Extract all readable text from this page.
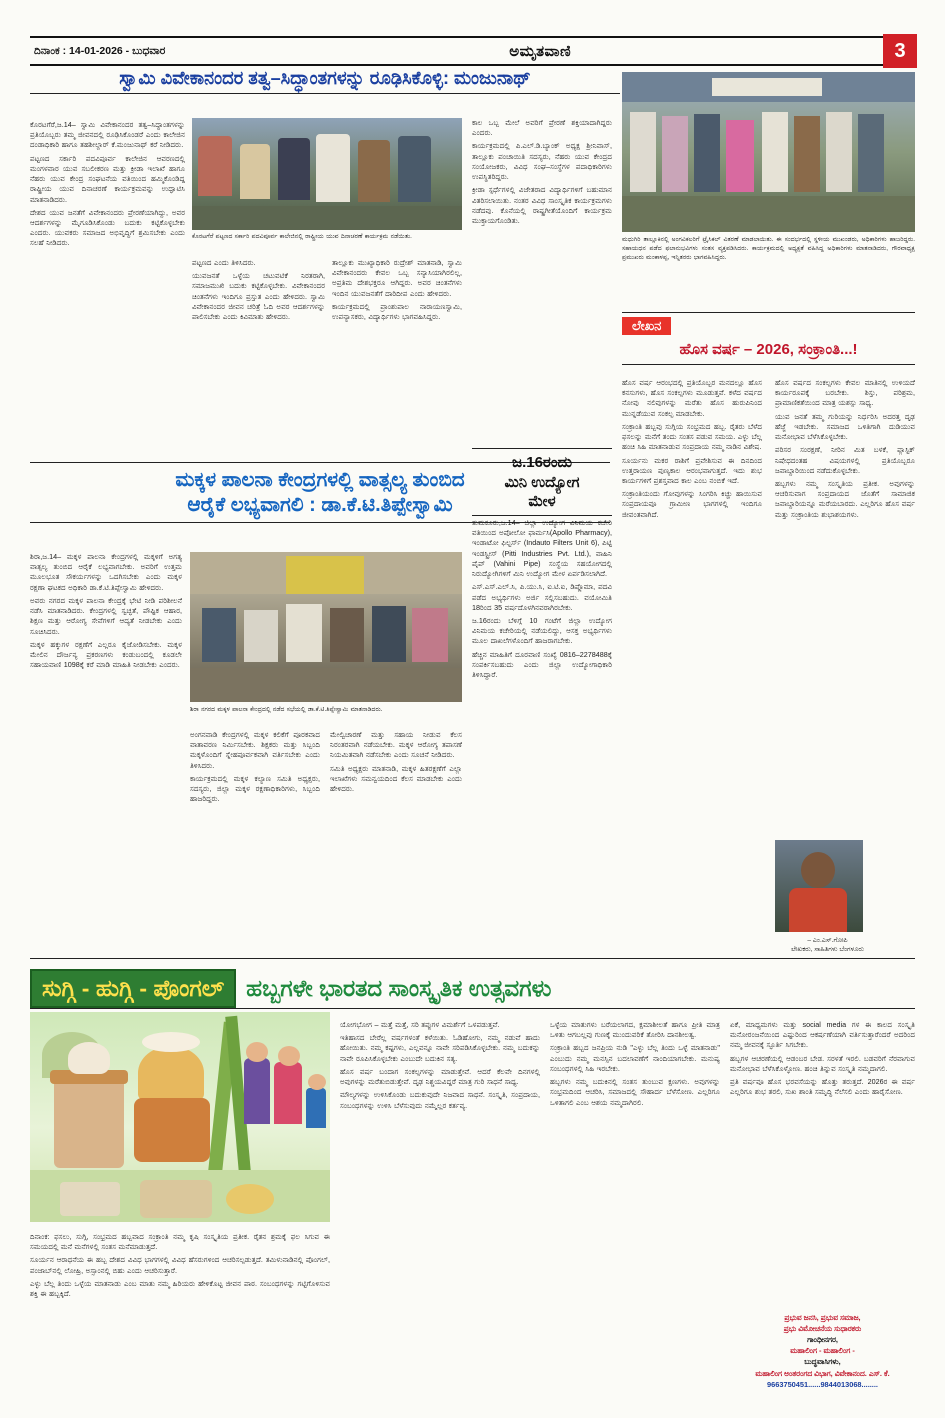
ದಿನಾಂಕ : 14-01-2026 - ಬುಧವಾರ	ಅಮೃತವಾಣಿ	3
ಸ್ವಾಮಿ ವಿವೇಕಾನಂದರ ತತ್ವ–ಸಿದ್ಧಾಂತಗಳನ್ನು ರೂಢಿಸಿಕೊಳ್ಳಿ: ಮಂಜುನಾಥ್

ಕೊರಟಗೆರೆ,ಜ.14– ಸ್ವಾಮಿ ವಿವೇಕಾನಂದರ ತತ್ವ–ಸಿದ್ಧಾಂತಗಳನ್ನು ಪ್ರತಿಯೊಬ್ಬರು ತಮ್ಮ ಜೀವನದಲ್ಲಿ ರೂಢಿಸಿಕೊಂಡರೆ ಎಂದು ಕಾಲೇಜಿನ ದಂಡಾಧಿಕಾರಿ ಹಾಗೂ ತಹಶೀಲ್ದಾರ್ ಕೆ.ಮಂಜುನಾಥ್ ಕರೆ ನೀಡಿದರು.

ಪಟ್ಟಣದ ಸರ್ಕಾರಿ ಪದವಿಪೂರ್ವ ಕಾಲೇಜಿನ ಆವರಣದಲ್ಲಿ ಮಂಗಳವಾರ ಯುವ ಸಬಲೀಕರಣ ಮತ್ತು ಕ್ರೀಡಾ ಇಲಾಖೆ ಹಾಗೂ ನೆಹರು ಯುವ ಕೇಂದ್ರ ಸಂಘಟನೆಯ ವತಿಯಿಂದ ಹಮ್ಮಿಕೊಂಡಿದ್ದ ರಾಷ್ಟ್ರೀಯ ಯುವ ದಿನಾಚರಣೆ ಕಾರ್ಯಕ್ರಮವನ್ನು ಉದ್ಘಾಟಿಸಿ ಮಾತನಾಡಿದರು.

ದೇಶದ ಯುವ ಜನತೆಗೆ ವಿವೇಕಾನಂದರು ಪ್ರೇರಣೆಯಾಗಿದ್ದು, ಅವರ ಆದರ್ಶಗಳನ್ನು ಮೈಗೂಡಿಸಿಕೊಂಡು ಬದುಕು ಕಟ್ಟಿಕೊಳ್ಳಬೇಕು ಎಂದರು. ಯುವಕರು ಸಮಾಜದ ಅಭಿವೃದ್ಧಿಗೆ ಶ್ರಮಿಸಬೇಕು ಎಂದು ಸಲಹೆ ನೀಡಿದರು.

ಕೊರಟಗೆರೆ ಪಟ್ಟಣದ ಸರ್ಕಾರಿ ಪದವಿಪೂರ್ವ ಕಾಲೇಜಿನಲ್ಲಿ ರಾಷ್ಟ್ರೀಯ ಯುವ ದಿನಾಚರಣೆ ಕಾರ್ಯಕ್ರಮ ನಡೆಯಿತು.

ಪಟ್ಟಣದ ಎಂದು ತಿಳಿಸಿದರು.

ಯುವಜನತೆ ಒಳ್ಳೆಯ ಚಟುವಟಿಕೆ ನಿರತರಾಗಿ, ಸಮಾಜಮುಖಿ ಬದುಕು ಕಟ್ಟಿಕೊಳ್ಳಬೇಕು. ವಿವೇಕಾನಂದರ ಚಿಂತನೆಗಳು ಇಂದಿಗೂ ಪ್ರಸ್ತುತ ಎಂದು ಹೇಳಿದರು. ಸ್ವಾಮಿ ವಿವೇಕಾನಂದರ ಜೀವನ ಚರಿತ್ರೆ ಓದಿ ಅವರ ಆದರ್ಶಗಳನ್ನು ಪಾಲಿಸಬೇಕು ಎಂದು ಕಿವಿಮಾತು ಹೇಳಿದರು.

ತಾಲ್ಲೂಕು ಮುಖ್ಯಾಧಿಕಾರಿ ರುದ್ರೇಶ್ ಮಾತನಾಡಿ, ಸ್ವಾಮಿ ವಿವೇಕಾನಂದರು ಕೇವಲ ಒಬ್ಬ ಸನ್ಯಾಸಿಯಾಗಿರಲಿಲ್ಲ, ಅಪ್ರತಿಮ ದೇಶಭಕ್ತರೂ ಆಗಿದ್ದರು. ಅವರ ಚಿಂತನೆಗಳು ಇಂದಿನ ಯುವಜನತೆಗೆ ದಾರಿದೀಪ ಎಂದು ಹೇಳಿದರು.

ಕಾರ್ಯಕ್ರಮದಲ್ಲಿ ಪ್ರಾಂಶುಪಾಲ ನಾರಾಯಣಸ್ವಾಮಿ, ಉಪನ್ಯಾಸಕರು, ವಿದ್ಯಾರ್ಥಿಗಳು ಭಾಗವಹಿಸಿದ್ದರು.

ಕಾಲ ಒಬ್ಬ ಮೇಲೆ ಅವರಿಗೆ ಪ್ರೇರಣೆ ಶಕ್ತಿಯಾದಾಗಿದ್ದರು ಎಂದರು.

ಕಾರ್ಯಕ್ರಮದಲ್ಲಿ ಪಿ.ಎಲ್.ಡಿ.ಬ್ಯಾಂಕ್ ಅಧ್ಯಕ್ಷ ಶ್ರೀನಿವಾಸ್, ತಾಲ್ಲೂಕು ಪಂಚಾಯಿತಿ ಸದಸ್ಯರು, ನೆಹರು ಯುವ ಕೇಂದ್ರದ ಸಂಯೋಜಕರು, ವಿವಿಧ ಸಂಘ–ಸಂಸ್ಥೆಗಳ ಪದಾಧಿಕಾರಿಗಳು ಉಪಸ್ಥಿತರಿದ್ದರು.

ಕ್ರೀಡಾ ಸ್ಪರ್ಧೆಗಳಲ್ಲಿ ವಿಜೇತರಾದ ವಿದ್ಯಾರ್ಥಿಗಳಿಗೆ ಬಹುಮಾನ ವಿತರಿಸಲಾಯಿತು. ನಂತರ ವಿವಿಧ ಸಾಂಸ್ಕೃತಿಕ ಕಾರ್ಯಕ್ರಮಗಳು ನಡೆದವು. ಕೊನೆಯಲ್ಲಿ ರಾಷ್ಟ್ರಗೀತೆಯೊಂದಿಗೆ ಕಾರ್ಯಕ್ರಮ ಮುಕ್ತಾಯಗೊಂಡಿತು.

ಮಧುಗಿರಿ ತಾಲ್ಲೂಕಿನಲ್ಲಿ ಅಂಗವಿಕಲರಿಗೆ ಟ್ರೈಸಿಕಲ್ ವಿತರಣೆ ಮಾಡಲಾಯಿತು. ಈ ಸಂದರ್ಭದಲ್ಲಿ ಸ್ಥಳೀಯ ಮುಖಂಡರು, ಅಧಿಕಾರಿಗಳು ಹಾಜರಿದ್ದರು. ಸಹಾಯಧನ ಪಡೆದ ಫಲಾನುಭವಿಗಳು ಸಂತಸ ವ್ಯಕ್ತಪಡಿಸಿದರು. ಕಾರ್ಯಕ್ರಮದಲ್ಲಿ ಅಧ್ಯಕ್ಷತೆ ವಹಿಸಿದ್ದ ಅಧಿಕಾರಿಗಳು ಮಾತನಾಡಿದರು, ಗೌರವಾಧ್ಯಕ್ಷ ಪ್ರಮುಖರು ಮಂಕಾಳಪ್ಪ, ಇನ್ನಿತರರು ಭಾಗವಹಿಸಿದ್ದರು.
ಲೇಖನ
ಹೊಸ ವರ್ಷ – 2026, ಸಂಕ್ರಾಂತಿ...!

ಹೊಸ ವರ್ಷ ಆರಂಭದಲ್ಲಿ ಪ್ರತಿಯೊಬ್ಬರ ಮನದಲ್ಲೂ ಹೊಸ ಕನಸುಗಳು, ಹೊಸ ಸಂಕಲ್ಪಗಳು ಮೂಡುತ್ತವೆ. ಕಳೆದ ವರ್ಷದ ನೋವು ನಲಿವುಗಳನ್ನು ಮರೆತು ಹೊಸ ಹುರುಪಿನಿಂದ ಮುನ್ನಡೆಯುವ ಸಂಕಲ್ಪ ಮಾಡಬೇಕು.

ಸಂಕ್ರಾಂತಿ ಹಬ್ಬವು ಸುಗ್ಗಿಯ ಸಂಭ್ರಮದ ಹಬ್ಬ. ರೈತರು ಬೆಳೆದ ಫಸಲನ್ನು ಮನೆಗೆ ತಂದು ಸಂತಸ ಪಡುವ ಸಮಯ. ಎಳ್ಳು ಬೆಲ್ಲ ಹಂಚಿ ಸಿಹಿ ಮಾತನಾಡುವ ಸಂಪ್ರದಾಯ ನಮ್ಮ ನಾಡಿನ ವಿಶೇಷ.

ಸೂರ್ಯನು ಮಕರ ರಾಶಿಗೆ ಪ್ರವೇಶಿಸುವ ಈ ದಿನದಿಂದ ಉತ್ತರಾಯಣ ಪುಣ್ಯಕಾಲ ಆರಂಭವಾಗುತ್ತದೆ. ಇದು ಶುಭ ಕಾರ್ಯಗಳಿಗೆ ಪ್ರಶಸ್ತವಾದ ಕಾಲ ಎಂಬ ನಂಬಿಕೆ ಇದೆ.

ಸಂಕ್ರಾಂತಿಯಂದು ಗೋವುಗಳನ್ನು ಸಿಂಗರಿಸಿ ಕಿಚ್ಚು ಹಾಯಿಸುವ ಸಂಪ್ರದಾಯವೂ ಗ್ರಾಮೀಣ ಭಾಗಗಳಲ್ಲಿ ಇಂದಿಗೂ ಜೀವಂತವಾಗಿದೆ.

ಹೊಸ ವರ್ಷದ ಸಂಕಲ್ಪಗಳು ಕೇವಲ ಮಾತಿನಲ್ಲಿ ಉಳಿಯದೆ ಕಾರ್ಯರೂಪಕ್ಕೆ ಬರಬೇಕು. ಶಿಸ್ತು, ಪರಿಶ್ರಮ, ಪ್ರಾಮಾಣಿಕತೆಯಿಂದ ಮಾತ್ರ ಯಶಸ್ಸು ಸಾಧ್ಯ.

ಯುವ ಜನತೆ ತಮ್ಮ ಗುರಿಯನ್ನು ನಿರ್ಧರಿಸಿ ಅದರತ್ತ ದೃಢ ಹೆಜ್ಜೆ ಇಡಬೇಕು. ಸಮಾಜದ ಒಳಿತಿಗಾಗಿ ದುಡಿಯುವ ಮನೋಭಾವ ಬೆಳೆಸಿಕೊಳ್ಳಬೇಕು.

ಪರಿಸರ ಸಂರಕ್ಷಣೆ, ನೀರಿನ ಮಿತ ಬಳಕೆ, ಪ್ಲಾಸ್ಟಿಕ್ ನಿಷೇಧದಂತಹ ವಿಷಯಗಳಲ್ಲಿ ಪ್ರತಿಯೊಬ್ಬರೂ ಜವಾಬ್ದಾರಿಯಿಂದ ನಡೆದುಕೊಳ್ಳಬೇಕು.

ಹಬ್ಬಗಳು ನಮ್ಮ ಸಂಸ್ಕೃತಿಯ ಪ್ರತೀಕ. ಅವುಗಳನ್ನು ಆಚರಿಸುವಾಗ ಸಂಪ್ರದಾಯದ ಜೊತೆಗೆ ಸಾಮಾಜಿಕ ಜವಾಬ್ದಾರಿಯನ್ನೂ ಮರೆಯಬಾರದು. ಎಲ್ಲರಿಗೂ ಹೊಸ ವರ್ಷ ಮತ್ತು ಸಂಕ್ರಾಂತಿಯ ಶುಭಾಶಯಗಳು.

– ಎಂ.ಎಸ್.ಗೋಪಿ
ಲೇಖಕರು, ಸಾಹಿತಿಗಳು ಬೆಂಗಳೂರು
ಮಕ್ಕಳ ಪಾಲನಾ ಕೇಂದ್ರಗಳಲ್ಲಿ ವಾತ್ಸಲ್ಯ ತುಂಬಿದ
ಆರೈಕೆ ಲಭ್ಯವಾಗಲಿ : ಡಾ.ಕೆ.ಟಿ.ತಿಪ್ಪೇಸ್ವಾಮಿ

ಶಿರಾ,ಜ.14– ಮಕ್ಕಳ ಪಾಲನಾ ಕೇಂದ್ರಗಳಲ್ಲಿ ಮಕ್ಕಳಿಗೆ ಅಗತ್ಯ ವಾತ್ಸಲ್ಯ ತುಂಬಿದ ಆರೈಕೆ ಲಭ್ಯವಾಗಬೇಕು. ಅವರಿಗೆ ಉತ್ತಮ ಮೂಲಭೂತ ಸೌಕರ್ಯಗಳನ್ನು ಒದಗಿಸಬೇಕು ಎಂದು ಮಕ್ಕಳ ರಕ್ಷಣಾ ಘಟಕದ ಅಧಿಕಾರಿ ಡಾ.ಕೆ.ಟಿ.ತಿಪ್ಪೇಸ್ವಾಮಿ ಹೇಳಿದರು.

ಅವರು ನಗರದ ಮಕ್ಕಳ ಪಾಲನಾ ಕೇಂದ್ರಕ್ಕೆ ಭೇಟಿ ನೀಡಿ ಪರಿಶೀಲನೆ ನಡೆಸಿ ಮಾತನಾಡಿದರು. ಕೇಂದ್ರಗಳಲ್ಲಿ ಸ್ವಚ್ಛತೆ, ಪೌಷ್ಟಿಕ ಆಹಾರ, ಶಿಕ್ಷಣ ಮತ್ತು ಆರೋಗ್ಯ ಸೇವೆಗಳಿಗೆ ಆದ್ಯತೆ ನೀಡಬೇಕು ಎಂದು ಸೂಚಿಸಿದರು.

ಮಕ್ಕಳ ಹಕ್ಕುಗಳ ರಕ್ಷಣೆಗೆ ಎಲ್ಲರೂ ಕೈಜೋಡಿಸಬೇಕು. ಮಕ್ಕಳ ಮೇಲಿನ ದೌರ್ಜನ್ಯ ಪ್ರಕರಣಗಳು ಕಂಡುಬಂದಲ್ಲಿ ಕೂಡಲೇ ಸಹಾಯವಾಣಿ 1098ಕ್ಕೆ ಕರೆ ಮಾಡಿ ಮಾಹಿತಿ ನೀಡಬೇಕು ಎಂದರು.

ಶಿರಾ ನಗರದ ಮಕ್ಕಳ ಪಾಲನಾ ಕೇಂದ್ರದಲ್ಲಿ ನಡೆದ ಸಭೆಯಲ್ಲಿ ಡಾ.ಕೆ.ಟಿ.ತಿಪ್ಪೇಸ್ವಾಮಿ ಮಾತನಾಡಿದರು.

ಅಂಗನವಾಡಿ ಕೇಂದ್ರಗಳಲ್ಲಿ ಮಕ್ಕಳ ಕಲಿಕೆಗೆ ಪೂರಕವಾದ ವಾತಾವರಣ ನಿರ್ಮಿಸಬೇಕು. ಶಿಕ್ಷಕರು ಮತ್ತು ಸಿಬ್ಬಂದಿ ಮಕ್ಕಳೊಂದಿಗೆ ಸ್ನೇಹಪೂರ್ವಕವಾಗಿ ವರ್ತಿಸಬೇಕು ಎಂದು ತಿಳಿಸಿದರು.

ಕಾರ್ಯಕ್ರಮದಲ್ಲಿ ಮಕ್ಕಳ ಕಲ್ಯಾಣ ಸಮಿತಿ ಅಧ್ಯಕ್ಷರು, ಸದಸ್ಯರು, ಜಿಲ್ಲಾ ಮಕ್ಕಳ ರಕ್ಷಣಾಧಿಕಾರಿಗಳು, ಸಿಬ್ಬಂದಿ ಹಾಜರಿದ್ದರು.

ಮೇಲ್ವಿಚಾರಣೆ ಮತ್ತು ಸಹಾಯ ನೀಡುವ ಕೆಲಸ ನಿರಂತರವಾಗಿ ನಡೆಯಬೇಕು. ಮಕ್ಕಳ ಆರೋಗ್ಯ ತಪಾಸಣೆ ನಿಯಮಿತವಾಗಿ ನಡೆಸಬೇಕು ಎಂದು ಸೂಚನೆ ನೀಡಿದರು.

ಸಮಿತಿ ಅಧ್ಯಕ್ಷರು ಮಾತನಾಡಿ, ಮಕ್ಕಳ ಹಿತರಕ್ಷಣೆಗೆ ಎಲ್ಲಾ ಇಲಾಖೆಗಳು ಸಮನ್ವಯದಿಂದ ಕೆಲಸ ಮಾಡಬೇಕು ಎಂದು ಹೇಳಿದರು.

ಜ.16ರಂದು
ಮಿನಿ ಉದ್ಯೋಗ
ಮೇಳ

ತುಮಕೂರು,ಜ.14– ಜಿಲ್ಲಾ ಉದ್ಯೋಗ ವಿನಿಮಯ ಕಚೇರಿ ವತಿಯಿಂದ ಅಪೋಲೋ ಫಾರ್ಮಸಿ(Apollo Pharmacy), ಇಂಡಾಟೋ ಫಿಲ್ಟರ್ಸ್ (Indauto Filters Unit 6), ಪಿಟ್ಟಿ ಇಂಡಸ್ಟ್ರೀಸ್ (Pitti Industries Pvt. Ltd.), ವಾಹಿನಿ ಪೈಪ್ (Vahini Pipe) ಸಂಸ್ಥೆಯ ಸಹಯೋಗದಲ್ಲಿ ನಿರುದ್ಯೋಗಿಗಳಿಗೆ ಮಿನಿ ಉದ್ಯೋಗ ಮೇಳ ಏರ್ಪಡಿಸಲಾಗಿದೆ.

ಎಸ್.ಎಸ್.ಎಲ್.ಸಿ, ಪಿ.ಯು.ಸಿ, ಐ.ಟಿ.ಐ, ಡಿಪ್ಲೊಮಾ, ಪದವಿ ಪಡೆದ ಅಭ್ಯರ್ಥಿಗಳು ಅರ್ಜಿ ಸಲ್ಲಿಸಬಹುದು. ವಯೋಮಿತಿ 18ರಿಂದ 35 ವರ್ಷದೊಳಗಿನವರಾಗಿರಬೇಕು.

ಜ.16ರಂದು ಬೆಳಿಗ್ಗೆ 10 ಗಂಟೆಗೆ ಜಿಲ್ಲಾ ಉದ್ಯೋಗ ವಿನಿಮಯ ಕಚೇರಿಯಲ್ಲಿ ನಡೆಯಲಿದ್ದು, ಆಸಕ್ತ ಅಭ್ಯರ್ಥಿಗಳು ಮೂಲ ದಾಖಲೆಗಳೊಂದಿಗೆ ಹಾಜರಾಗಬೇಕು.

ಹೆಚ್ಚಿನ ಮಾಹಿತಿಗೆ ದೂರವಾಣಿ ಸಂಖ್ಯೆ 0816–2278488ಕ್ಕೆ ಸಂಪರ್ಕಿಸಬಹುದು ಎಂದು ಜಿಲ್ಲಾ ಉದ್ಯೋಗಾಧಿಕಾರಿ ತಿಳಿಸಿದ್ದಾರೆ.

ಸುಗ್ಗಿ - ಹುಗ್ಗಿ - ಪೊಂಗಲ್ ಹಬ್ಬಗಳೇ ಭಾರತದ ಸಾಂಸ್ಕೃತಿಕ ಉತ್ಸವಗಳು

ದಿನಾಂಕ: ಫಸಲು, ಸುಗ್ಗಿ, ಸಂಭ್ರಮದ ಹಬ್ಬವಾದ ಸಂಕ್ರಾಂತಿ ನಮ್ಮ ಕೃಷಿ ಸಂಸ್ಕೃತಿಯ ಪ್ರತೀಕ. ರೈತನ ಶ್ರಮಕ್ಕೆ ಫಲ ಸಿಗುವ ಈ ಸಮಯದಲ್ಲಿ ಮನೆ ಮನೆಗಳಲ್ಲಿ ಸಂತಸ ಮನೆಮಾಡುತ್ತದೆ.

ಸೂರ್ಯನ ಆರಾಧನೆಯ ಈ ಹಬ್ಬ ದೇಶದ ವಿವಿಧ ಭಾಗಗಳಲ್ಲಿ ವಿವಿಧ ಹೆಸರುಗಳಿಂದ ಆಚರಿಸಲ್ಪಡುತ್ತದೆ. ತಮಿಳುನಾಡಿನಲ್ಲಿ ಪೊಂಗಲ್, ಪಂಜಾಬ್‌ನಲ್ಲಿ ಲೋಹ್ರಿ, ಅಸ್ಸಾಂನಲ್ಲಿ ಬಿಹು ಎಂದು ಆಚರಿಸುತ್ತಾರೆ.

ಎಳ್ಳು ಬೆಲ್ಲ ತಿಂದು ಒಳ್ಳೆಯ ಮಾತನಾಡು ಎಂಬ ಮಾತು ನಮ್ಮ ಹಿರಿಯರು ಹೇಳಿಕೊಟ್ಟ ಜೀವನ ಪಾಠ. ಸಂಬಂಧಗಳನ್ನು ಗಟ್ಟಿಗೊಳಿಸುವ ಶಕ್ತಿ ಈ ಹಬ್ಬಕ್ಕಿದೆ.

ಯೋಗಭೋಗ – ಮತ್ತೆ ಮತ್ತೆ, ಸರಿ ತಪ್ಪುಗಳ ವಿಮರ್ಶೆಗೆ ಒಳಪಡುತ್ತವೆ.

ಇತಿಹಾಸದ ಬೇರೆಲ್ಲ ವರ್ಷಗಳಂತೆ ಕಳೆಯಿತು. ಓಡಿಹೋಗು, ನಮ್ಮ ನಡುವೆ ಹಾದು ಹೋಯಿತು. ನಮ್ಮ ಕಷ್ಟಗಳು, ಎಲ್ಲವನ್ನೂ ನಾವೇ ಸರಿಪಡಿಸಿಕೊಳ್ಳಬೇಕು. ನಮ್ಮ ಬದುಕನ್ನು ನಾವೇ ರೂಪಿಸಿಕೊಳ್ಳಬೇಕು ಎಂಬುದೇ ಬದುಕಿನ ಸತ್ಯ.

ಹೊಸ ವರ್ಷ ಬಂದಾಗ ಸಂಕಲ್ಪಗಳನ್ನು ಮಾಡುತ್ತೇವೆ. ಆದರೆ ಕೆಲವೇ ದಿನಗಳಲ್ಲಿ ಅವುಗಳನ್ನು ಮರೆತುಬಿಡುತ್ತೇವೆ. ದೃಢ ನಿಶ್ಚಯವಿದ್ದರೆ ಮಾತ್ರ ಗುರಿ ಸಾಧನೆ ಸಾಧ್ಯ.

ಮೌಲ್ಯಗಳನ್ನು ಉಳಿಸಿಕೊಂಡು ಬದುಕುವುದೇ ನಿಜವಾದ ಸಾಧನೆ. ಸಂಸ್ಕೃತಿ, ಸಂಪ್ರದಾಯ, ಸಂಬಂಧಗಳನ್ನು ಉಳಿಸಿ ಬೆಳೆಸುವುದು ನಮ್ಮೆಲ್ಲರ ಕರ್ತವ್ಯ.

ಒಳ್ಳೆಯ ಮಾತುಗಳು ಬರೆಯಲಾಗದ, ಕ್ಷಮಾಶೀಲತೆ ಹಾಗೂ ಪ್ರೀತಿ ಮಾತ್ರ ಒಳಿತು ಆಗಬಲ್ಲವು ಗುಣಕ್ಕೆ ಮುಂದುವರಿಕೆ ತೋರಿಸಿ ದಾನಶೀಲತ್ವ.

ಸಂಕ್ರಾಂತಿ ಹಬ್ಬದ ಜನಪ್ರಿಯ ನುಡಿ "ಎಳ್ಳು ಬೆಲ್ಲ ತಿಂದು ಒಳ್ಳೆ ಮಾತನಾಡು" ಎಂಬುದು ನಮ್ಮ ಮನಸ್ಸಿನ ಬದಲಾವಣೆಗೆ ನಾಂದಿಯಾಗಬೇಕು. ಮನುಷ್ಯ ಸಂಬಂಧಗಳಲ್ಲಿ ಸಿಹಿ ಇರಬೇಕು.

ಹಬ್ಬಗಳು ನಮ್ಮ ಬದುಕಿನಲ್ಲಿ ಸಂತಸ ತುಂಬುವ ಕ್ಷಣಗಳು. ಅವುಗಳನ್ನು ಸಂಭ್ರಮದಿಂದ ಆಚರಿಸಿ, ಸಮಾಜದಲ್ಲಿ ಸೌಹಾರ್ದ ಬೆಳೆಸೋಣ. ಎಲ್ಲರಿಗೂ ಒಳಿತಾಗಲಿ ಎಂಬ ಆಶಯ ನಮ್ಮದಾಗಿರಲಿ.

ಏಕೆ, ಮಾಧ್ಯಮಗಳು ಮತ್ತು social media ಗಳ ಈ ಕಾಲದ ಸಂಸ್ಕೃತಿ ಮನೋರಂಜನೆಯಿಂದ ಎಷ್ಟುರಿಂದ ಆಕರ್ಷಣೆಯಾಗಿ ವರ್ತಿಸುತ್ತಾರೆಂದರೆ ಅದರಿಂದ ನಮ್ಮ ಜೀವನಕ್ಕೆ ಸ್ಫೂರ್ತಿ ಸಿಗಬೇಕು.

ಹಬ್ಬಗಳ ಆಚರಣೆಯಲ್ಲಿ ಆಡಂಬರ ಬೇಡ. ಸರಳತೆ ಇರಲಿ. ಬಡವರಿಗೆ ನೆರವಾಗುವ ಮನೋಭಾವ ಬೆಳೆಸಿಕೊಳ್ಳೋಣ. ಹಂಚಿ ತಿನ್ನುವ ಸಂಸ್ಕೃತಿ ನಮ್ಮದಾಗಲಿ.

ಪ್ರತಿ ವರ್ಷವೂ ಹೊಸ ಭರವಸೆಯನ್ನು ಹೊತ್ತು ತರುತ್ತದೆ. 2026ರ ಈ ವರ್ಷ ಎಲ್ಲರಿಗೂ ಶುಭ ತರಲಿ, ಸುಖ ಶಾಂತಿ ಸಮೃದ್ಧಿ ನೆಲೆಸಲಿ ಎಂದು ಹಾರೈಸೋಣ.

ಪ್ರಭುವ ಜನಸಿ, ಪ್ರಭುವ ಸಮಾಜ,
ಪ್ರಭು ವಿಮೋಚನೆಯ ಸುಧಾರಕರು
ಗಾಂಧೀನಗರ,
ಮಹಾಲಿಂಗ - ಮಹಾಲಿಂಗ -
ಬುದ್ಧವಾಸಿಗಳು,
ಮಹಾಲಿಂಗ ಅಂತರಂಗದ ವಿಭಾಗ, ವಿವೇಕಾನಂದ. ಎಸ್. ಕೆ.
9663750451......9844013068........
